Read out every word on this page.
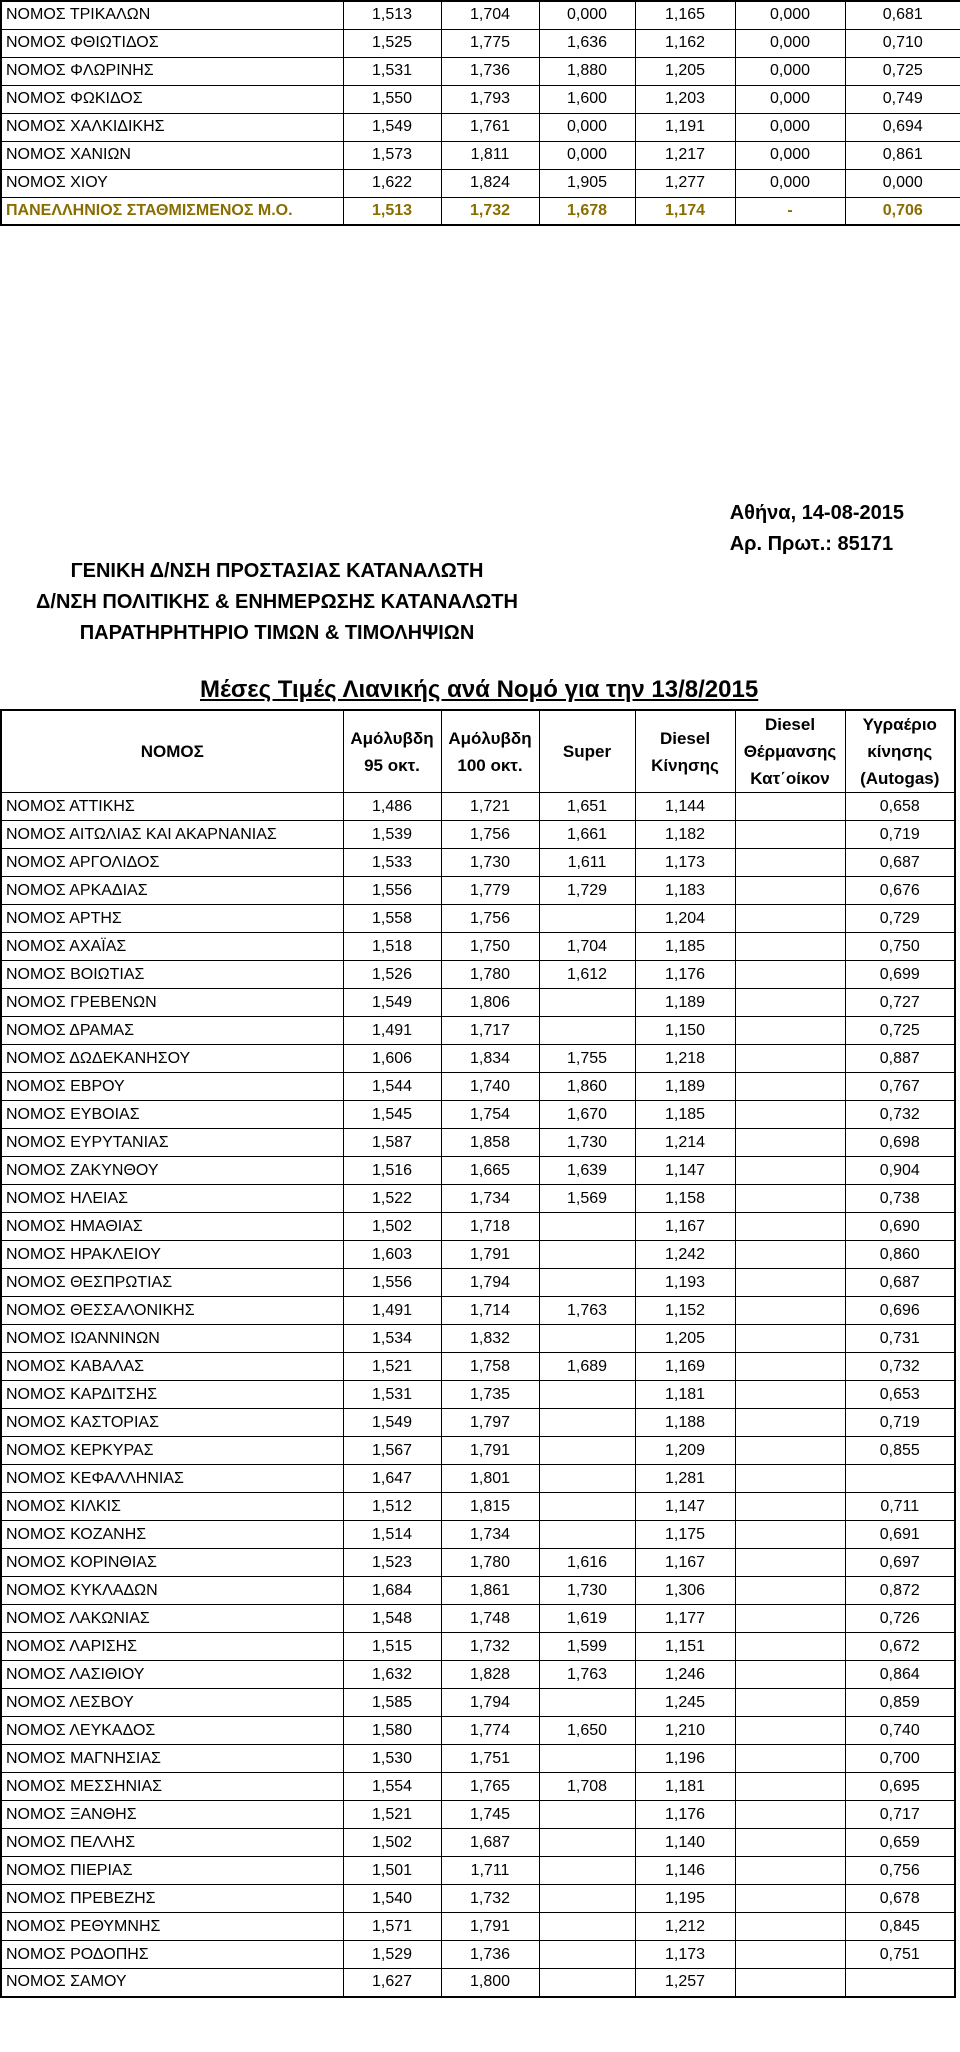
ΝΟΜΟΣ ΤΡΙΚΑΛΩΝ	1,513	1,704	0,000	1,165	0,000	0,681
ΝΟΜΟΣ ΦΘΙΩΤΙΔΟΣ	1,525	1,775	1,636	1,162	0,000	0,710
ΝΟΜΟΣ ΦΛΩΡΙΝΗΣ	1,531	1,736	1,880	1,205	0,000	0,725
ΝΟΜΟΣ ΦΩΚΙΔΟΣ	1,550	1,793	1,600	1,203	0,000	0,749
ΝΟΜΟΣ ΧΑΛΚΙΔΙΚΗΣ	1,549	1,761	0,000	1,191	0,000	0,694
ΝΟΜΟΣ ΧΑΝΙΩΝ	1,573	1,811	0,000	1,217	0,000	0,861
ΝΟΜΟΣ ΧΙΟΥ	1,622	1,824	1,905	1,277	0,000	0,000
ΠΑΝΕΛΛΗΝΙΟΣ ΣΤΑΘΜΙΣΜΕΝΟΣ Μ.Ο.	1,513	1,732	1,678	1,174	-	0,706
Αθήνα, 14-08-2015
Αρ. Πρωτ.: 85171
ΓΕΝΙΚΗ Δ/ΝΣΗ ΠΡΟΣΤΑΣΙΑΣ ΚΑΤΑΝΑΛΩΤΗ
Δ/ΝΣΗ ΠΟΛΙΤΙΚΗΣ & ΕΝΗΜΕΡΩΣΗΣ ΚΑΤΑΝΑΛΩΤΗ
ΠΑΡΑΤΗΡΗΤΗΡΙΟ ΤΙΜΩΝ & ΤΙΜΟΛΗΨΙΩΝ
Μέσες Τιμές Λιανικής ανά Νομό για την 13/8/2015
ΝΟΜΟΣ	Αμόλυβδη 95 οκτ.	Αμόλυβδη 100 οκτ.	Super	Diesel Κίνησης	Diesel Θέρμανσης Κατ΄οίκον	Υγραέριο κίνησης (Autogas)
ΝΟΜΟΣ ΑΤΤΙΚΗΣ	1,486	1,721	1,651	1,144		0,658
ΝΟΜΟΣ ΑΙΤΩΛΙΑΣ ΚΑΙ ΑΚΑΡΝΑΝΙΑΣ	1,539	1,756	1,661	1,182		0,719
ΝΟΜΟΣ ΑΡΓΟΛΙΔΟΣ	1,533	1,730	1,611	1,173		0,687
ΝΟΜΟΣ ΑΡΚΑΔΙΑΣ	1,556	1,779	1,729	1,183		0,676
ΝΟΜΟΣ ΑΡΤΗΣ	1,558	1,756		1,204		0,729
ΝΟΜΟΣ ΑΧΑΪΑΣ	1,518	1,750	1,704	1,185		0,750
ΝΟΜΟΣ ΒΟΙΩΤΙΑΣ	1,526	1,780	1,612	1,176		0,699
ΝΟΜΟΣ ΓΡΕΒΕΝΩΝ	1,549	1,806		1,189		0,727
ΝΟΜΟΣ ΔΡΑΜΑΣ	1,491	1,717		1,150		0,725
ΝΟΜΟΣ ΔΩΔΕΚΑΝΗΣΟΥ	1,606	1,834	1,755	1,218		0,887
ΝΟΜΟΣ ΕΒΡΟΥ	1,544	1,740	1,860	1,189		0,767
ΝΟΜΟΣ ΕΥΒΟΙΑΣ	1,545	1,754	1,670	1,185		0,732
ΝΟΜΟΣ ΕΥΡΥΤΑΝΙΑΣ	1,587	1,858	1,730	1,214		0,698
ΝΟΜΟΣ ΖΑΚΥΝΘΟΥ	1,516	1,665	1,639	1,147		0,904
ΝΟΜΟΣ ΗΛΕΙΑΣ	1,522	1,734	1,569	1,158		0,738
ΝΟΜΟΣ ΗΜΑΘΙΑΣ	1,502	1,718		1,167		0,690
ΝΟΜΟΣ ΗΡΑΚΛΕΙΟΥ	1,603	1,791		1,242		0,860
ΝΟΜΟΣ ΘΕΣΠΡΩΤΙΑΣ	1,556	1,794		1,193		0,687
ΝΟΜΟΣ ΘΕΣΣΑΛΟΝΙΚΗΣ	1,491	1,714	1,763	1,152		0,696
ΝΟΜΟΣ ΙΩΑΝΝΙΝΩΝ	1,534	1,832		1,205		0,731
ΝΟΜΟΣ ΚΑΒΑΛΑΣ	1,521	1,758	1,689	1,169		0,732
ΝΟΜΟΣ ΚΑΡΔΙΤΣΗΣ	1,531	1,735		1,181		0,653
ΝΟΜΟΣ ΚΑΣΤΟΡΙΑΣ	1,549	1,797		1,188		0,719
ΝΟΜΟΣ ΚΕΡΚΥΡΑΣ	1,567	1,791		1,209		0,855
ΝΟΜΟΣ ΚΕΦΑΛΛΗΝΙΑΣ	1,647	1,801		1,281		
ΝΟΜΟΣ ΚΙΛΚΙΣ	1,512	1,815		1,147		0,711
ΝΟΜΟΣ ΚΟΖΑΝΗΣ	1,514	1,734		1,175		0,691
ΝΟΜΟΣ ΚΟΡΙΝΘΙΑΣ	1,523	1,780	1,616	1,167		0,697
ΝΟΜΟΣ ΚΥΚΛΑΔΩΝ	1,684	1,861	1,730	1,306		0,872
ΝΟΜΟΣ ΛΑΚΩΝΙΑΣ	1,548	1,748	1,619	1,177		0,726
ΝΟΜΟΣ ΛΑΡΙΣΗΣ	1,515	1,732	1,599	1,151		0,672
ΝΟΜΟΣ ΛΑΣΙΘΙΟΥ	1,632	1,828	1,763	1,246		0,864
ΝΟΜΟΣ ΛΕΣΒΟΥ	1,585	1,794		1,245		0,859
ΝΟΜΟΣ ΛΕΥΚΑΔΟΣ	1,580	1,774	1,650	1,210		0,740
ΝΟΜΟΣ ΜΑΓΝΗΣΙΑΣ	1,530	1,751		1,196		0,700
ΝΟΜΟΣ ΜΕΣΣΗΝΙΑΣ	1,554	1,765	1,708	1,181		0,695
ΝΟΜΟΣ ΞΑΝΘΗΣ	1,521	1,745		1,176		0,717
ΝΟΜΟΣ ΠΕΛΛΗΣ	1,502	1,687		1,140		0,659
ΝΟΜΟΣ ΠΙΕΡΙΑΣ	1,501	1,711		1,146		0,756
ΝΟΜΟΣ ΠΡΕΒΕΖΗΣ	1,540	1,732		1,195		0,678
ΝΟΜΟΣ ΡΕΘΥΜΝΗΣ	1,571	1,791		1,212		0,845
ΝΟΜΟΣ ΡΟΔΟΠΗΣ	1,529	1,736		1,173		0,751
ΝΟΜΟΣ ΣΑΜΟΥ	1,627	1,800		1,257		
